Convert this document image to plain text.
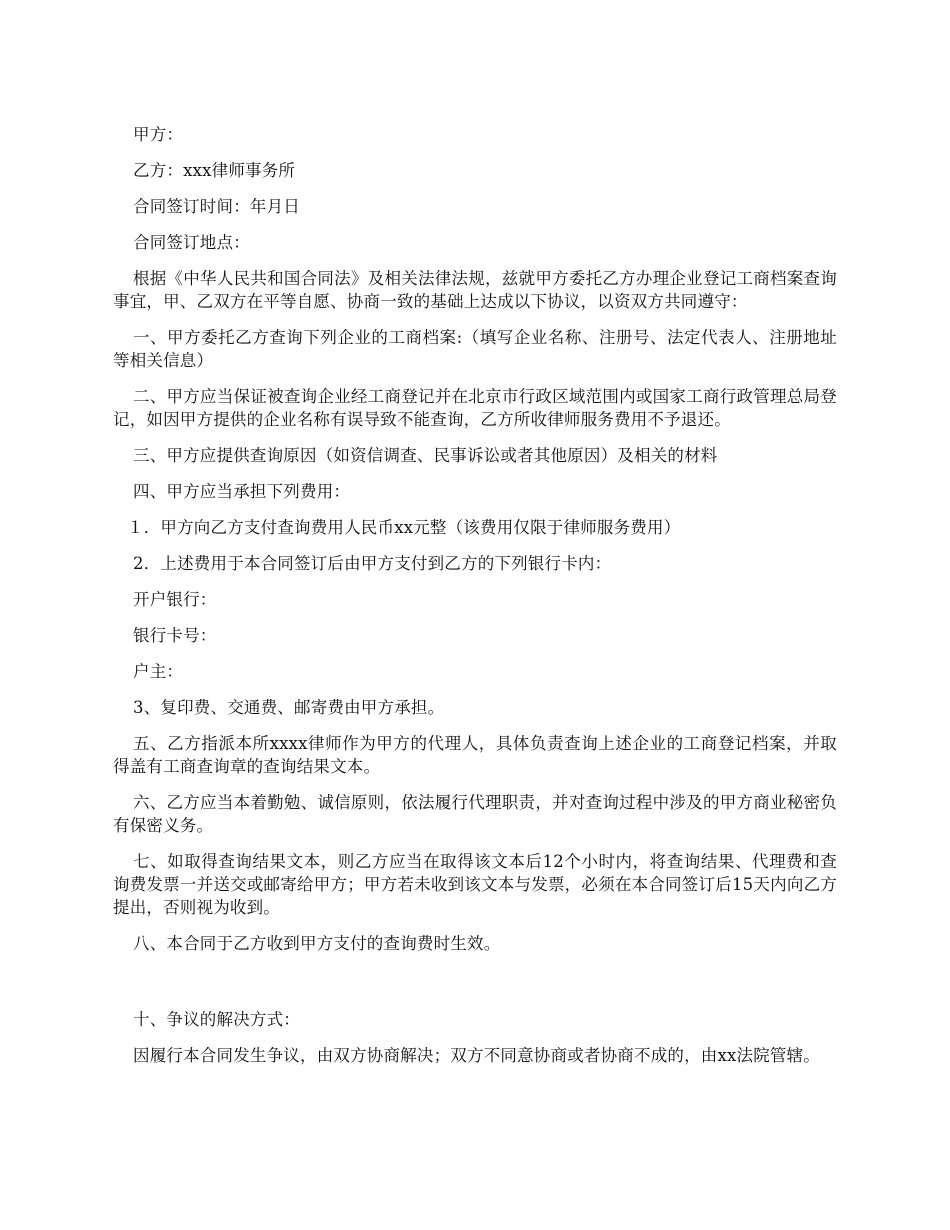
甲方：

乙方：xxx律师事务所

合同签订时间：年月日

合同签订地点：

根据《中华人民共和国合同法》及相关法律法规，兹就甲方委托乙方办理企业登记工商档案查询事宜，甲、乙双方在平等自愿、协商一致的基础上达成以下协议，以资双方共同遵守：

一、甲方委托乙方查询下列企业的工商档案:（填写企业名称、注册号、法定代表人、注册地址等相关信息）

二、甲方应当保证被查询企业经工商登记并在北京市行政区域范围内或国家工商行政管理总局登记，如因甲方提供的企业名称有误导致不能查询，乙方所收律师服务费用不予退还。

三、甲方应提供查询原因（如资信调查、民事诉讼或者其他原因）及相关的材料

四、甲方应当承担下列费用：

１．甲方向乙方支付查询费用人民币xx元整（该费用仅限于律师服务费用）

2．上述费用于本合同签订后由甲方支付到乙方的下列银行卡内：

开户银行：

银行卡号：

户主：

3、复印费、交通费、邮寄费由甲方承担。

五、乙方指派本所xxxx律师作为甲方的代理人，具体负责查询上述企业的工商登记档案，并取得盖有工商查询章的查询结果文本。

六、乙方应当本着勤勉、诚信原则，依法履行代理职责，并对查询过程中涉及的甲方商业秘密负有保密义务。

七、如取得查询结果文本，则乙方应当在取得该文本后12个小时内，将查询结果、代理费和查询费发票一并送交或邮寄给甲方；甲方若未收到该文本与发票，必须在本合同签订后15天内向乙方提出，否则视为收到。

八、本合同于乙方收到甲方支付的查询费时生效。

十、争议的解决方式：

因履行本合同发生争议，由双方协商解决；双方不同意协商或者协商不成的，由xx法院管辖。
